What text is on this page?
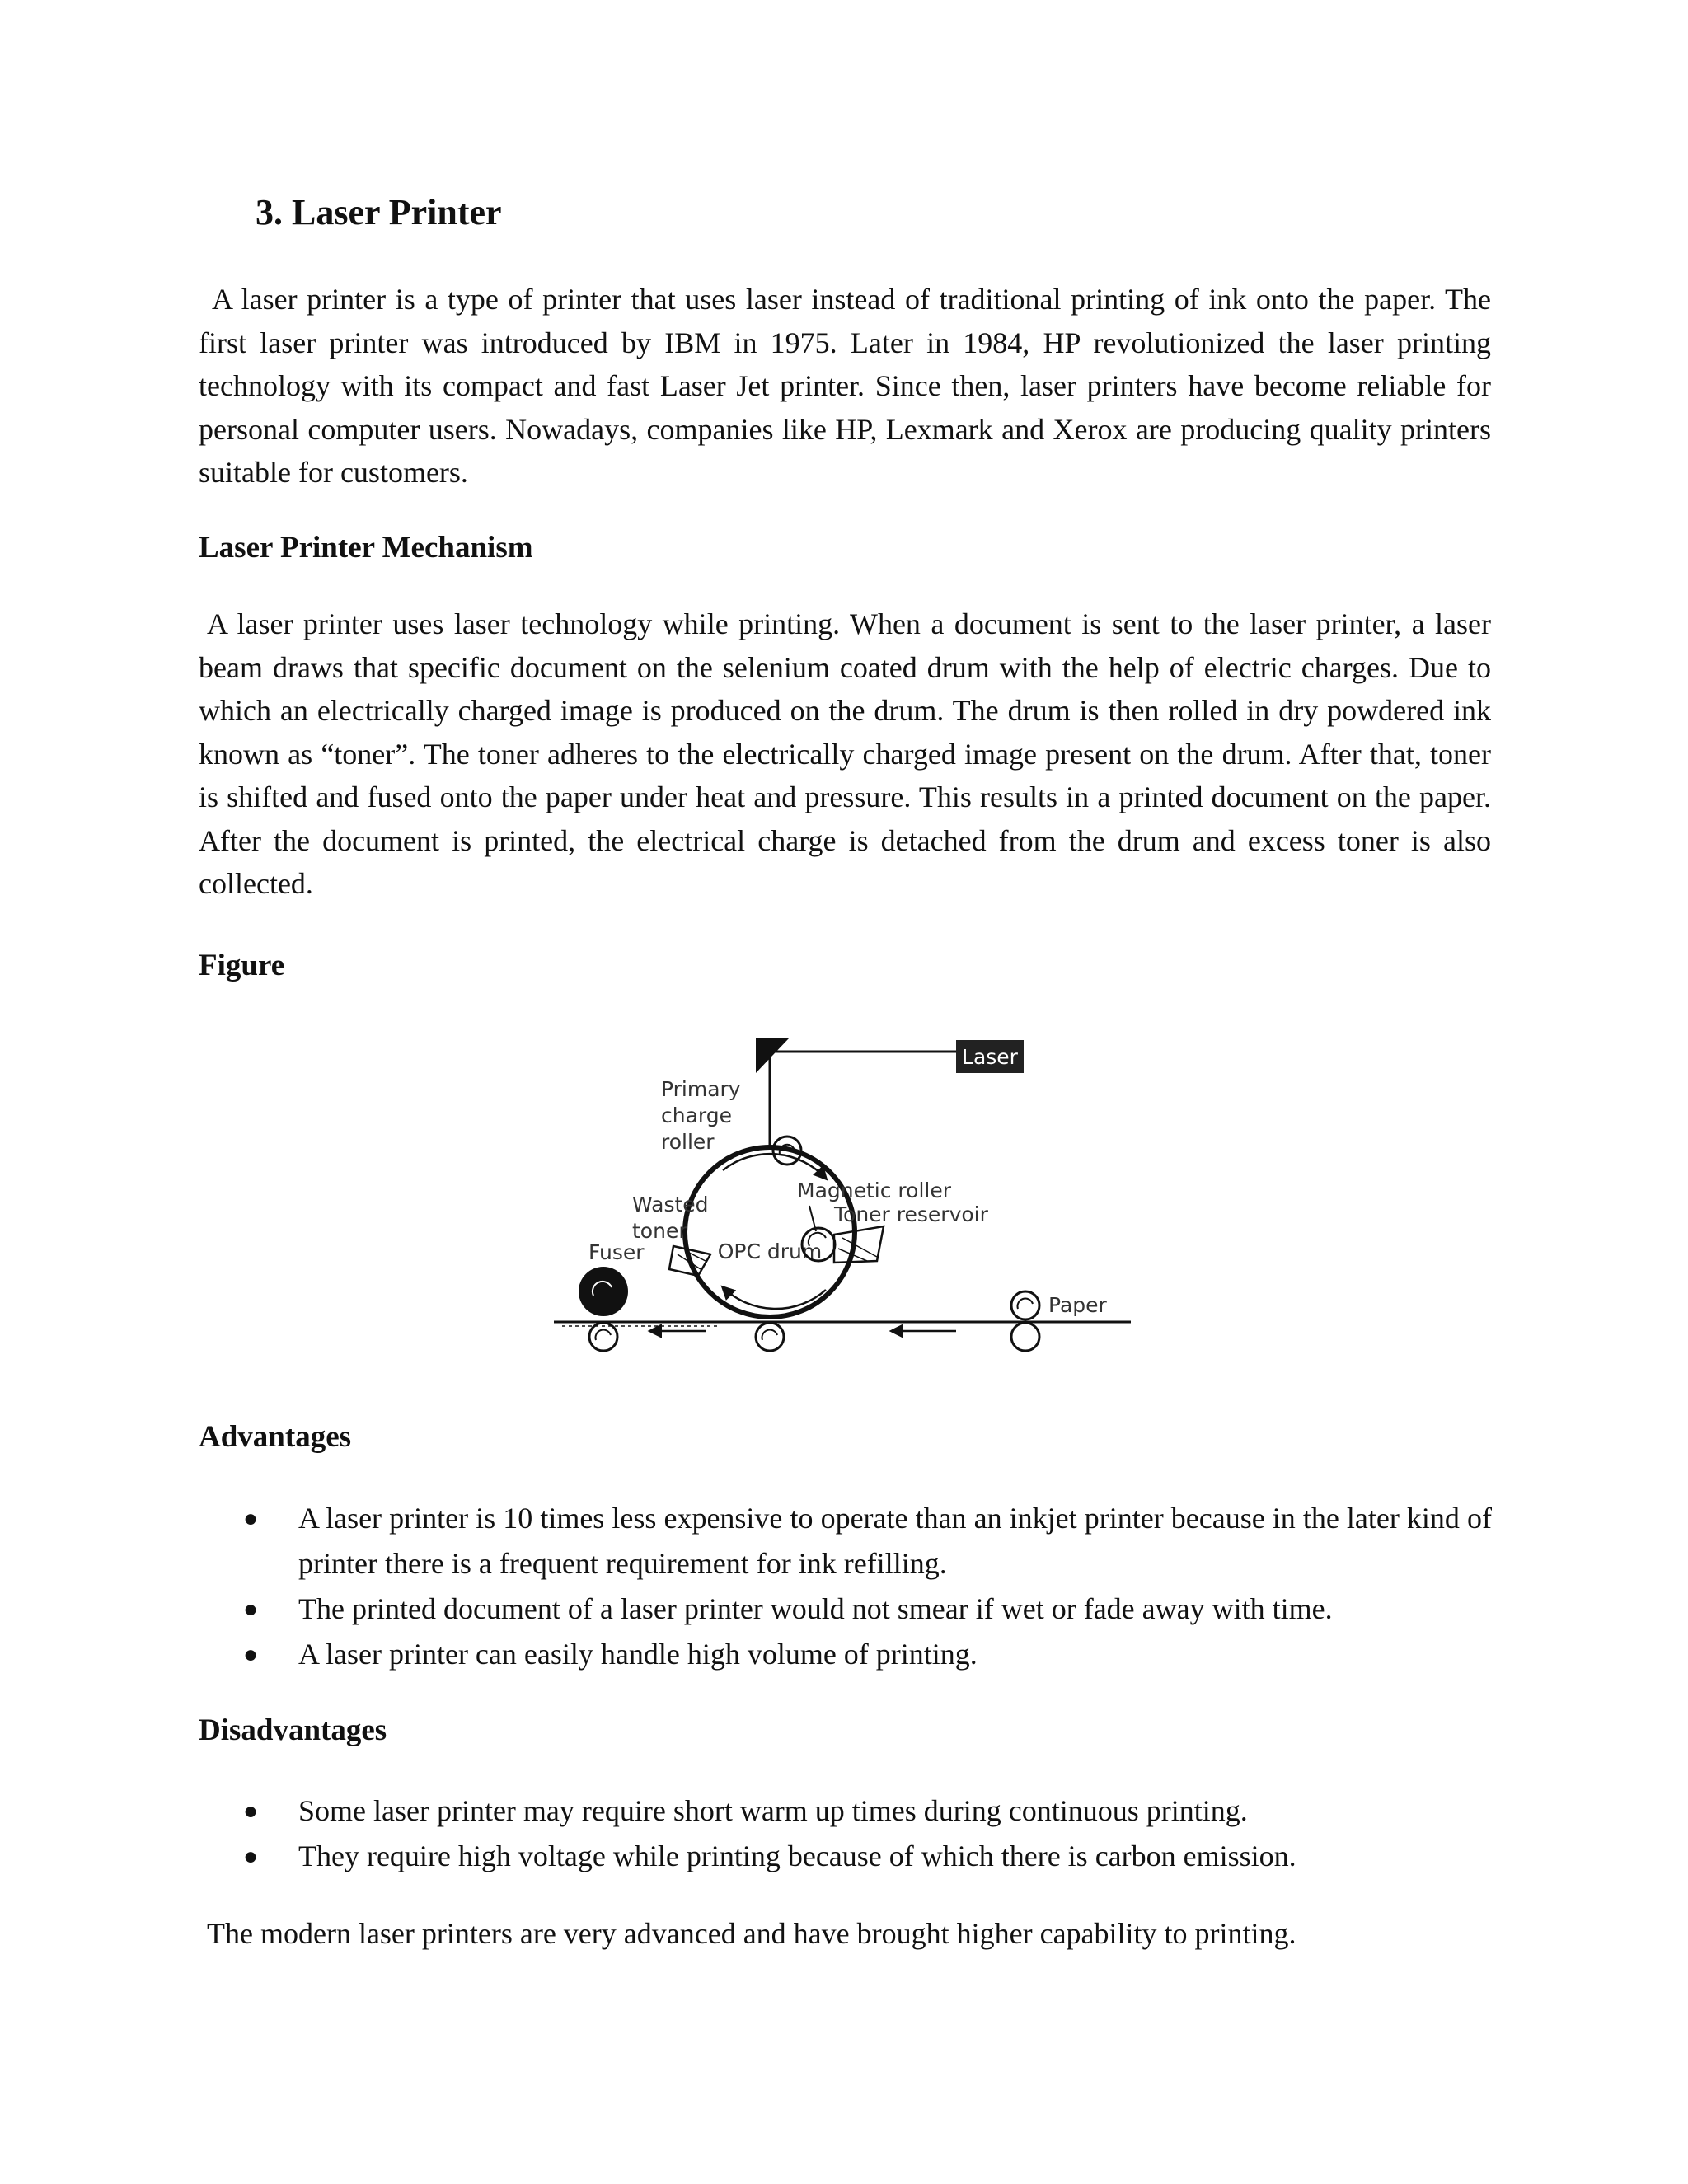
3. Laser Printer

A laser printer is a type of printer that uses laser instead of traditional printing of ink onto the paper. The first laser printer was introduced by IBM in 1975. Later in 1984, HP revolutionized the laser printing technology with its compact and fast Laser Jet printer. Since then, laser printers have become reliable for personal computer users. Nowadays, companies like HP, Lexmark and Xerox are producing quality printers suitable for customers.

Laser Printer Mechanism

A laser printer uses laser technology while printing. When a document is sent to the laser printer, a laser beam draws that specific document on the selenium coated drum with the help of electric charges. Due to which an electrically charged image is produced on the drum. The drum is then rolled in dry powdered ink known as “toner”. The toner adheres to the electrically charged image present on the drum. After that, toner is shifted and fused onto the paper under heat and pressure. This results in a printed document on the paper. After the document is printed, the electrical charge is detached from the drum and excess toner is also collected.

Figure
Laser
OPC drum
Primary
charge
roller
Magnetic roller
Toner reservoir
Wasted
toner
Fuser
Paper
Advantages
● A laser printer is 10 times less expensive to operate than an inkjet printer because in the later kind of printer there is a frequent requirement for ink refilling.
● The printed document of a laser printer would not smear if wet or fade away with time.
● A laser printer can easily handle high volume of printing.
Disadvantages
● Some laser printer may require short warm up times during continuous printing.
● They require high voltage while printing because of which there is carbon emission.

The modern laser printers are very advanced and have brought higher capability to printing.
